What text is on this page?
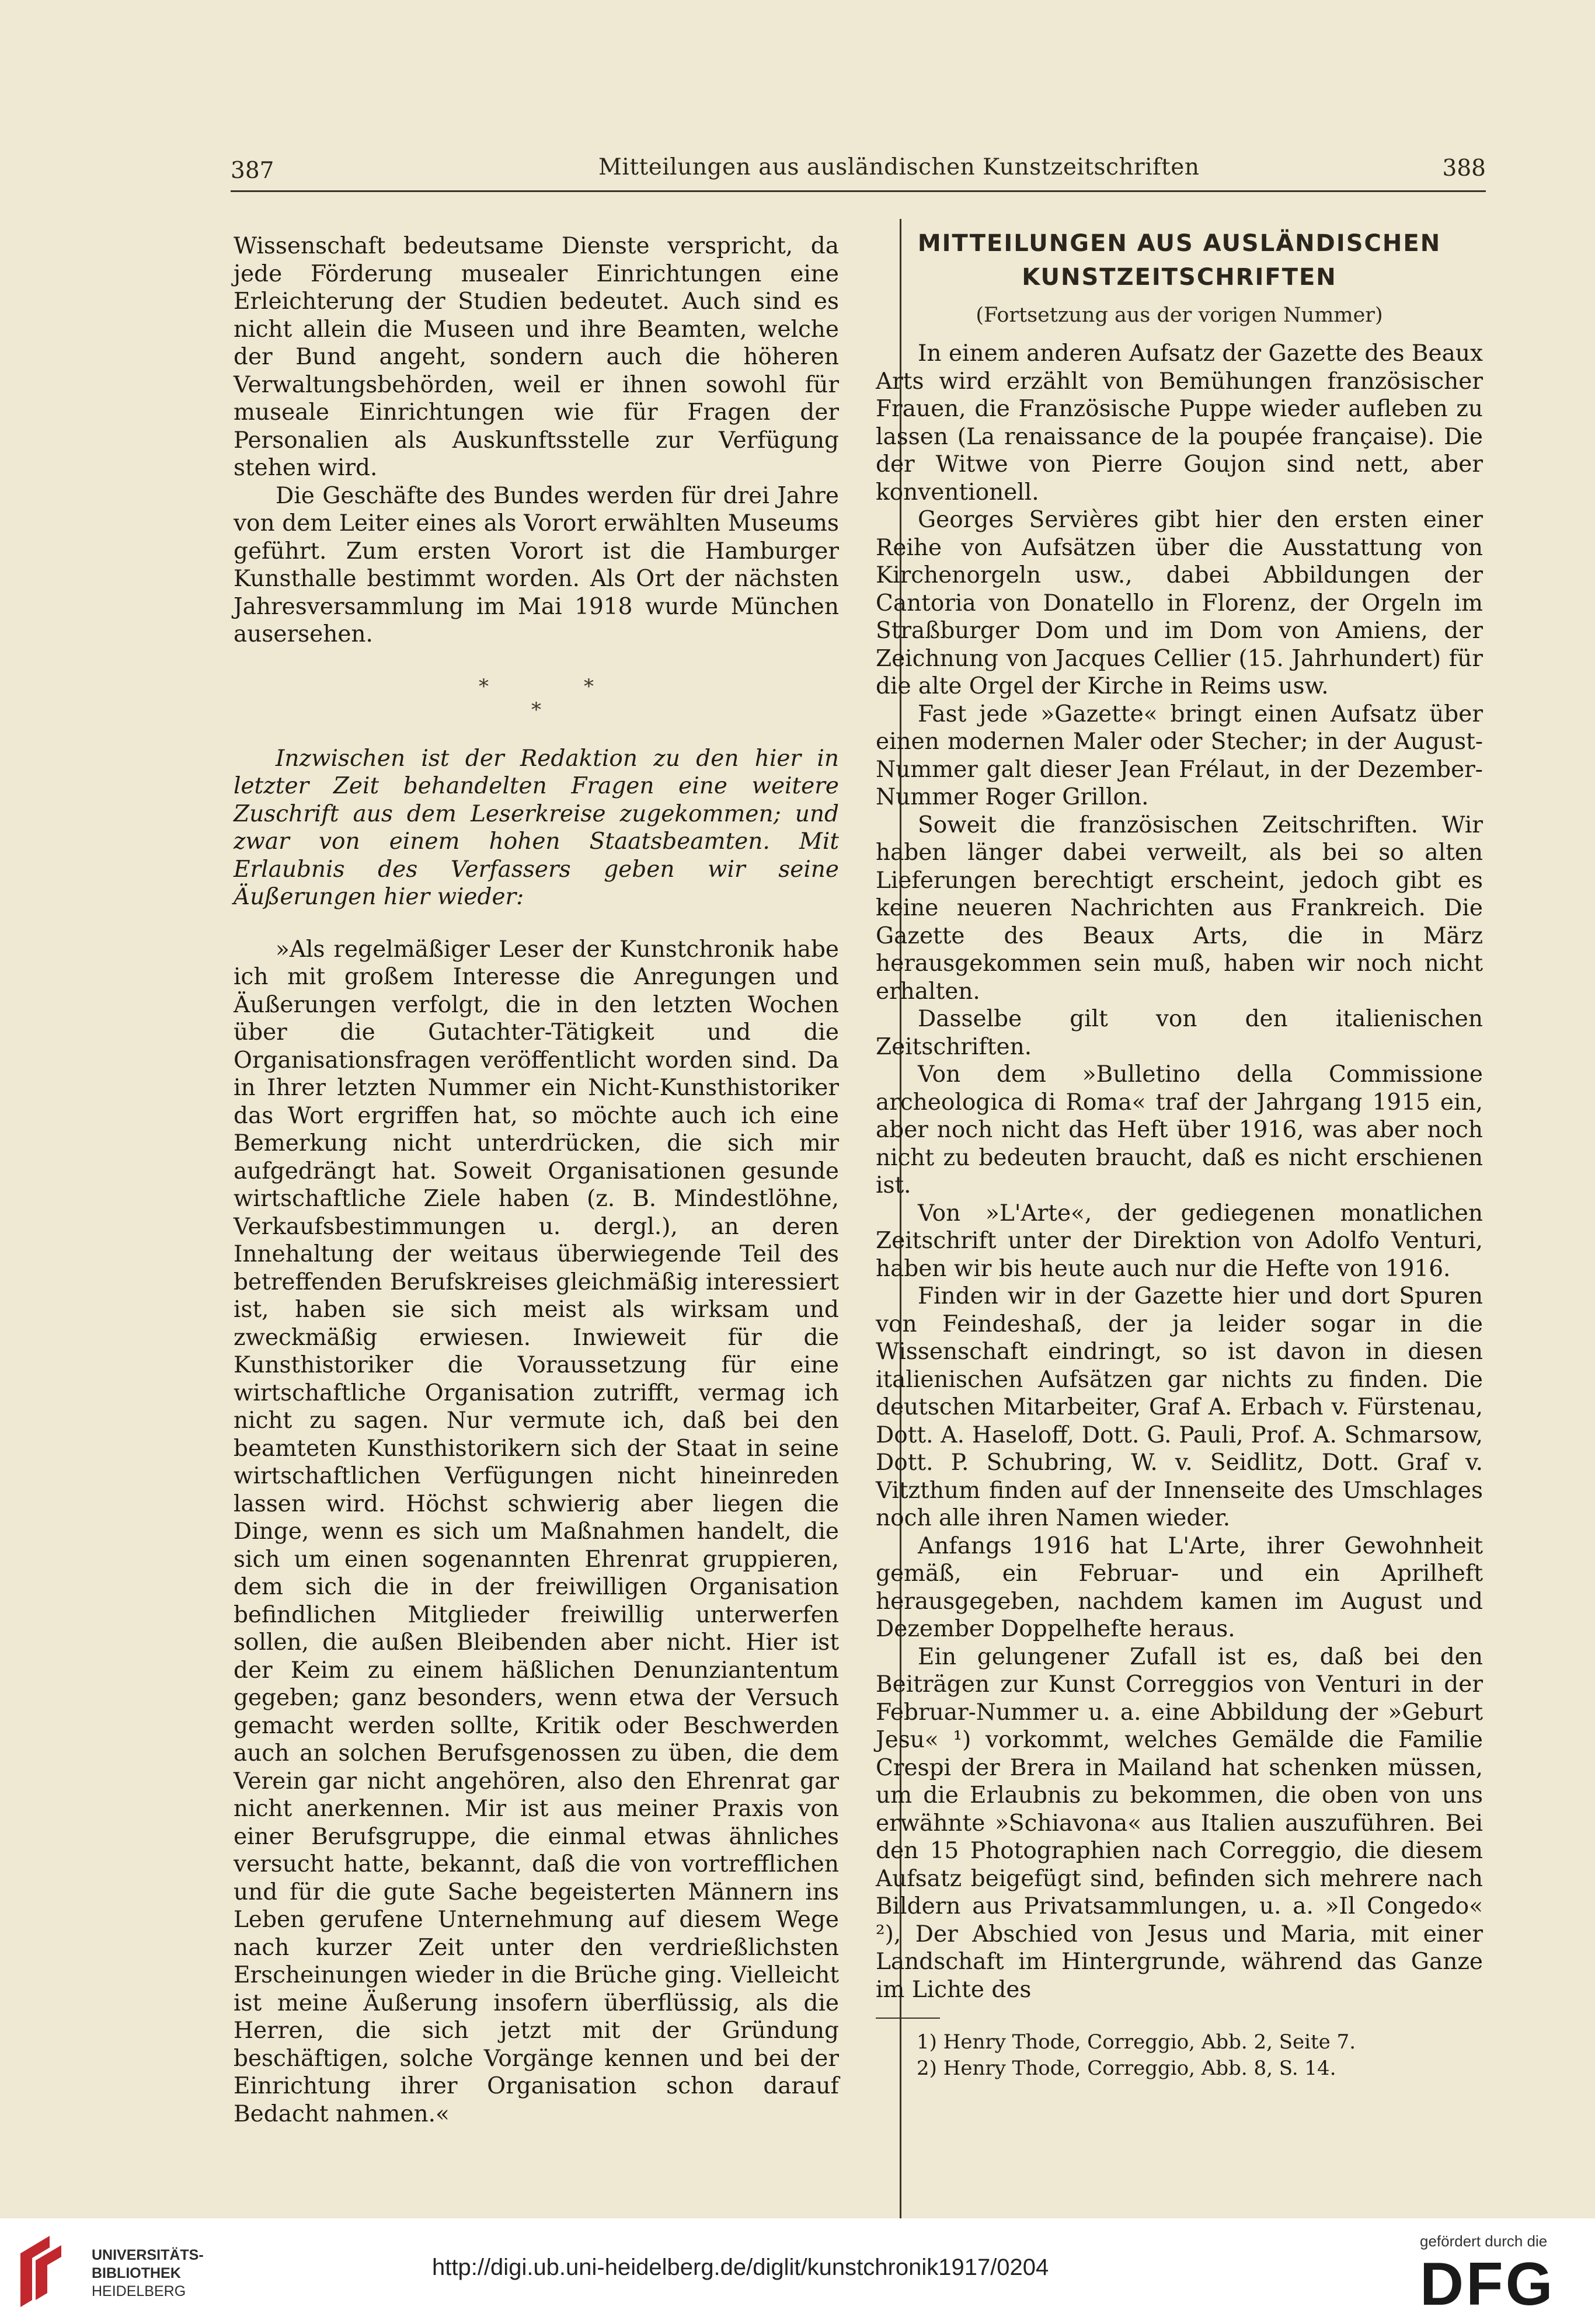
387	Mitteilungen aus ausländischen Kunstzeitschriften	388

Wissenschaft bedeutsame Dienste verspricht, da jede Förderung musealer Einrichtungen eine Erleichterung der Studien bedeutet. Auch sind es nicht allein die Museen und ihre Beamten, welche der Bund angeht, sondern auch die höheren Verwaltungsbehörden, weil er ihnen sowohl für museale Einrichtungen wie für Fragen der Personalien als Auskunftsstelle zur Verfügung stehen wird.

Die Geschäfte des Bundes werden für drei Jahre von dem Leiter eines als Vorort erwählten Museums geführt. Zum ersten Vorort ist die Hamburger Kunsthalle bestimmt worden. Als Ort der nächsten Jahresversammlung im Mai 1918 wurde München ausersehen.

*	*
*

Inzwischen ist der Redaktion zu den hier in letzter Zeit behandelten Fragen eine weitere Zuschrift aus dem Leserkreise zugekommen; und zwar von einem hohen Staatsbeamten. Mit Erlaubnis des Verfassers geben wir seine Äußerungen hier wieder:

»Als regelmäßiger Leser der Kunstchronik habe ich mit großem Interesse die Anregungen und Äußerungen verfolgt, die in den letzten Wochen über die Gutachter-Tätigkeit und die Organisationsfragen veröffentlicht worden sind. Da in Ihrer letzten Nummer ein Nicht-Kunsthistoriker das Wort ergriffen hat, so möchte auch ich eine Bemerkung nicht unterdrücken, die sich mir aufgedrängt hat. Soweit Organisationen gesunde wirtschaftliche Ziele haben (z. B. Mindestlöhne, Verkaufsbestimmungen u. dergl.), an deren Innehaltung der weitaus überwiegende Teil des betreffenden Berufskreises gleichmäßig interessiert ist, haben sie sich meist als wirksam und zweckmäßig erwiesen. Inwieweit für die Kunsthistoriker die Voraussetzung für eine wirtschaftliche Organisation zutrifft, vermag ich nicht zu sagen. Nur vermute ich, daß bei den beamteten Kunsthistorikern sich der Staat in seine wirtschaftlichen Verfügungen nicht hineinreden lassen wird. Höchst schwierig aber liegen die Dinge, wenn es sich um Maßnahmen handelt, die sich um einen sogenannten Ehrenrat gruppieren, dem sich die in der freiwilligen Organisation befindlichen Mitglieder freiwillig unterwerfen sollen, die außen Bleibenden aber nicht. Hier ist der Keim zu einem häßlichen Denunziantentum gegeben; ganz besonders, wenn etwa der Versuch gemacht werden sollte, Kritik oder Beschwerden auch an solchen Berufsgenossen zu üben, die dem Verein gar nicht angehören, also den Ehrenrat gar nicht anerkennen. Mir ist aus meiner Praxis von einer Berufsgruppe, die einmal etwas ähnliches versucht hatte, bekannt, daß die von vortrefflichen und für die gute Sache begeisterten Männern ins Leben gerufene Unternehmung auf diesem Wege nach kurzer Zeit unter den verdrießlichsten Erscheinungen wieder in die Brüche ging. Vielleicht ist meine Äußerung insofern überflüssig, als die Herren, die sich jetzt mit der Gründung beschäftigen, solche Vorgänge kennen und bei der Einrichtung ihrer Organisation schon darauf Bedacht nahmen.«

MITTEILUNGEN AUS AUSLÄNDISCHEN KUNSTZEITSCHRIFTEN
(Fortsetzung aus der vorigen Nummer)

In einem anderen Aufsatz der Gazette des Beaux Arts wird erzählt von Bemühungen französischer Frauen, die Französische Puppe wieder aufleben zu lassen (La renaissance de la poupée française). Die der Witwe von Pierre Goujon sind nett, aber konventionell.

Georges Servières gibt hier den ersten einer Reihe von Aufsätzen über die Ausstattung von Kirchenorgeln usw., dabei Abbildungen der Cantoria von Donatello in Florenz, der Orgeln im Straßburger Dom und im Dom von Amiens, der Zeichnung von Jacques Cellier (15. Jahrhundert) für die alte Orgel der Kirche in Reims usw.

Fast jede »Gazette« bringt einen Aufsatz über einen modernen Maler oder Stecher; in der August-Nummer galt dieser Jean Frélaut, in der Dezember-Nummer Roger Grillon.

Soweit die französischen Zeitschriften. Wir haben länger dabei verweilt, als bei so alten Lieferungen berechtigt erscheint, jedoch gibt es keine neueren Nachrichten aus Frankreich. Die Gazette des Beaux Arts, die in März herausgekommen sein muß, haben wir noch nicht erhalten.

Dasselbe gilt von den italienischen Zeitschriften.

Von dem »Bulletino della Commissione archeologica di Roma« traf der Jahrgang 1915 ein, aber noch nicht das Heft über 1916, was aber noch nicht zu bedeuten braucht, daß es nicht erschienen ist.

Von »L'Arte«, der gediegenen monatlichen Zeitschrift unter der Direktion von Adolfo Venturi, haben wir bis heute auch nur die Hefte von 1916.

Finden wir in der Gazette hier und dort Spuren von Feindeshaß, der ja leider sogar in die Wissenschaft eindringt, so ist davon in diesen italienischen Aufsätzen gar nichts zu finden. Die deutschen Mitarbeiter, Graf A. Erbach v. Fürstenau, Dott. A. Haseloff, Dott. G. Pauli, Prof. A. Schmarsow, Dott. P. Schubring, W. v. Seidlitz, Dott. Graf v. Vitzthum finden auf der Innenseite des Umschlages noch alle ihren Namen wieder.

Anfangs 1916 hat L'Arte, ihrer Gewohnheit gemäß, ein Februar- und ein Aprilheft herausgegeben, nachdem kamen im August und Dezember Doppelhefte heraus.

Ein gelungener Zufall ist es, daß bei den Beiträgen zur Kunst Correggios von Venturi in der Februar-Nummer u. a. eine Abbildung der »Geburt Jesu« ¹) vorkommt, welches Gemälde die Familie Crespi der Brera in Mailand hat schenken müssen, um die Erlaubnis zu bekommen, die oben von uns erwähnte »Schiavona« aus Italien auszuführen. Bei den 15 Photographien nach Correggio, die diesem Aufsatz beigefügt sind, befinden sich mehrere nach Bildern aus Privatsammlungen, u. a. »Il Congedo« ²), Der Abschied von Jesus und Maria, mit einer Landschaft im Hintergrunde, während das Ganze im Lichte des

1) Henry Thode, Correggio, Abb. 2, Seite 7.
2) Henry Thode, Correggio, Abb. 8, S. 14.
UNIVERSITÄTS-
BIBLIOTHEK
HEIDELBERG
http://digi.ub.uni-heidelberg.de/diglit/kunstchronik1917/0204
gefördert durch die
DFG
